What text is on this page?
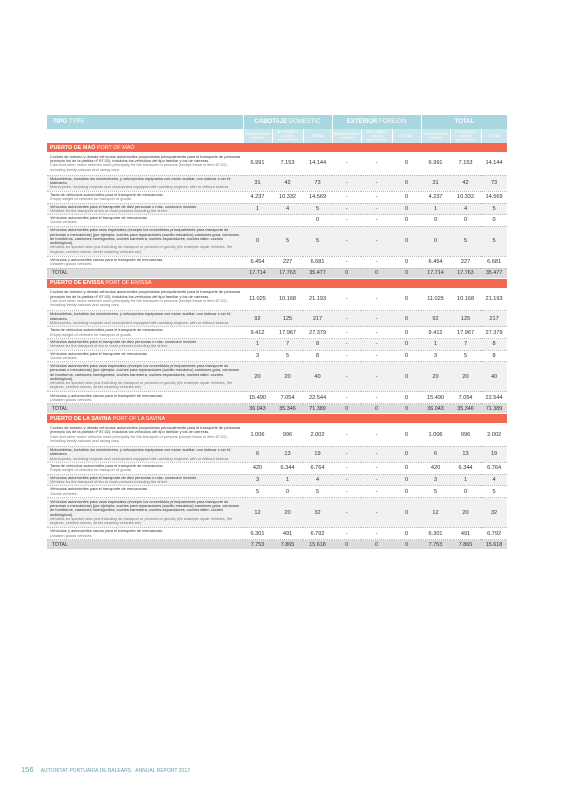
TIPO TYPE	CABOTAJE DOMESTIC			EXTERIOR FOREIGN			TOTAL		
	EMBARCADAS LOADED	DESEMBAR-CADAS UNLOADED	TOTAL	EMBARCADAS LOADED	DESEMBAR-CADAS UNLOADED	TOTAL	EMBARCADAS LOADED	DESEMBAR-CADAS UNLOADED	TOTAL
PUERTO DE MAÓ PORT OF MAÓ									

Coches de turismo y demás vehículos automóviles proyectados principalmente para el transporte de personas (excepto los de la partida nº 87.02), incluidos los vehículos del tipo familiar y los de carreras.
Cars and other motor vehicles used principally for the transport of persons (except those in item 87.02) including family saloons and racing cars.	6.991	7.153	14.144	-	-	0	6.991	7.153	14.144

Motocicletas, incluidos los ciclomotores, y velocípedos equipados con motor auxiliar, con sidecar o sin él; sidecares.
Motorcycles, including mopeds and velocipedes equipped with auxiliary engines, with or without sidecar.	31	42	73	-	-	0	31	42	73

Taras de vehículos automóviles para el transporte de mercancías.
Empty weight of vehicles for transport of goods.	4.237	10.332	14.569	-	-	0	4.237	10.332	14.569

Vehículos automóviles para el transporte de diez personas o más, conductor incluido.
Vehicles for the transport of ten or more persons including the driver.	1	4	5	-	-	0	1	4	5

Vehículos automóviles para el transporte de mercancías.
Goods vehicles.			0	-	-	0	0	0	0

Vehículos automóviles para usos especiales (excepto los concebidos principalmente para transporte de personas o mercancías) [por ejemplo: coches para reparaciones (auxilio mecánico) camiones grúa, camiones de bomberos, camiones hormigonera, coches barredera, coches esparcidores, coches taller, coches radiológicos].
Vehicles for special uses (not including for transport or persons or goods) (for example repair vehicles, fire engines, cement mixers, street cleaning vehicles etc)	0	5	5	-	-	0	0	5	5

Vehículos y automóviles vacíos para el transporte de mercancías.
Unladen goods vehicles.	6.454	227	6.681	-	-	0	6.454	227	6.681
TOTAL	17.714	17.763	35.477	0	0	0	17.714	17.763	35.477

PUERTO DE EIVISSA PORT OF EIVISSA									

Coches de turismo y demás vehículos automóviles proyectados principalmente para el transporte de personas (excepto los de la partida nº 87.02), incluidos los vehículos del tipo familiar y los de carreras.
Cars and other motor vehicles used principally for the transport of persons (except those in item 87.02) including family saloons and racing cars.	11.025	10.168	21.193	-	-	0	11.025	10.168	21.193

Motocicletas, incluidos los ciclomotores, y velocípedos equipados con motor auxiliar, con sidecar o sin él; sidecares.
Motorcycles, including mopeds and velocipedes equipped with auxiliary engines, with or without sidecar.	92	125	217	-	-	0	92	125	217

Taras de vehículos automóviles para el transporte de mercancías.
Empty weight of vehicles for transport of goods.	9.412	17.967	27.379	-	-	0	9.412	17.967	27.379

Vehículos automóviles para el transporte de diez personas o más, conductor incluido.
Vehicles for the transport of ten or more persons including the driver.	1	7	8	-	-	0	1	7	8

Vehículos automóviles para el transporte de mercancías.
Goods vehicles.	3	5	8	-	-	0	3	5	8

Vehículos automóviles para usos especiales (excepto los concebidos principalmente para transporte de personas o mercancías) [por ejemplo: coches para reparaciones (auxilio mecánico) camiones grúa, camiones de bomberos, camiones hormigonera, coches barredera, coches esparcidores, coches taller, coches radiológicos].
Vehicles for special uses (not including for transport or persons or goods) (for example repair vehicles, fire engines, cement mixers, street cleaning vehicles etc)	20	20	40	-	-	0	20	20	40

Vehículos y automóviles vacíos para el transporte de mercancías.
Unladen goods vehicles.	15.490	7.054	22.544	-	-	0	15.490	7.054	22.544
TOTAL	36.043	35.346	71.389	0	0	0	36.043	35.346	71.389

PUERTO DE LA SAVINA PORT OF LA SAVINA									

Coches de turismo y demás vehículos automóviles proyectados principalmente para el transporte de personas (excepto los de la partida nº 87.02), incluidos los vehículos del tipo familiar y los de carreras.
Cars and other motor vehicles used principally for the transport of persons (except those in item 87.02) including family saloons and racing cars.	1.006	996	2.002	-	-	0	1.006	996	2.002

Motocicletas, incluidos los ciclomotores, y velocípedos equipados con motor auxiliar, con sidecar o sin él; sidecares.
Motorcycles, including mopeds and velocipedes equipped with auxiliary engines, with or without sidecar.	6	13	19	-	-	0	6	13	19

Taras de vehículos automóviles para el transporte de mercancías.
Empty weight of vehicles for transport of goods.	420	6.344	6.764	-	-	0	420	6.344	6.764

Vehículos automóviles para el transporte de diez personas o más, conductor incluido.
Vehicles for the transport of ten or more persons including the driver.	3	1	4	-	-	0	3	1	4

Vehículos automóviles para el transporte de mercancías.
Goods vehicles.	5	0	5	-	-	0	5	0	5

Vehículos automóviles para usos especiales (excepto los concebidos principalmente para transporte de personas o mercancías) [por ejemplo: coches para reparaciones (auxilio mecánico) camiones grúa, camiones de bomberos, camiones hormigonera, coches barredera, coches esparcidores, coches taller, coches radiológicos].
Vehicles for special uses (not including for transport or persons or goods) (for example repair vehicles, fire engines, cement mixers, street cleaning vehicles etc)	12	20	32	-	-	0	12	20	32

Vehículos y automóviles vacíos para el transporte de mercancías.
Unladen goods vehicles.	6.301	491	6.792	-	-	0	6.301	491	6.792
TOTAL	7.753	7.865	15.618	0	0	0	7.753	7.865	15.618
156 AUTORITAT PORTUÀRIA DE BALEARS · ANNUAL REPORT 2012
